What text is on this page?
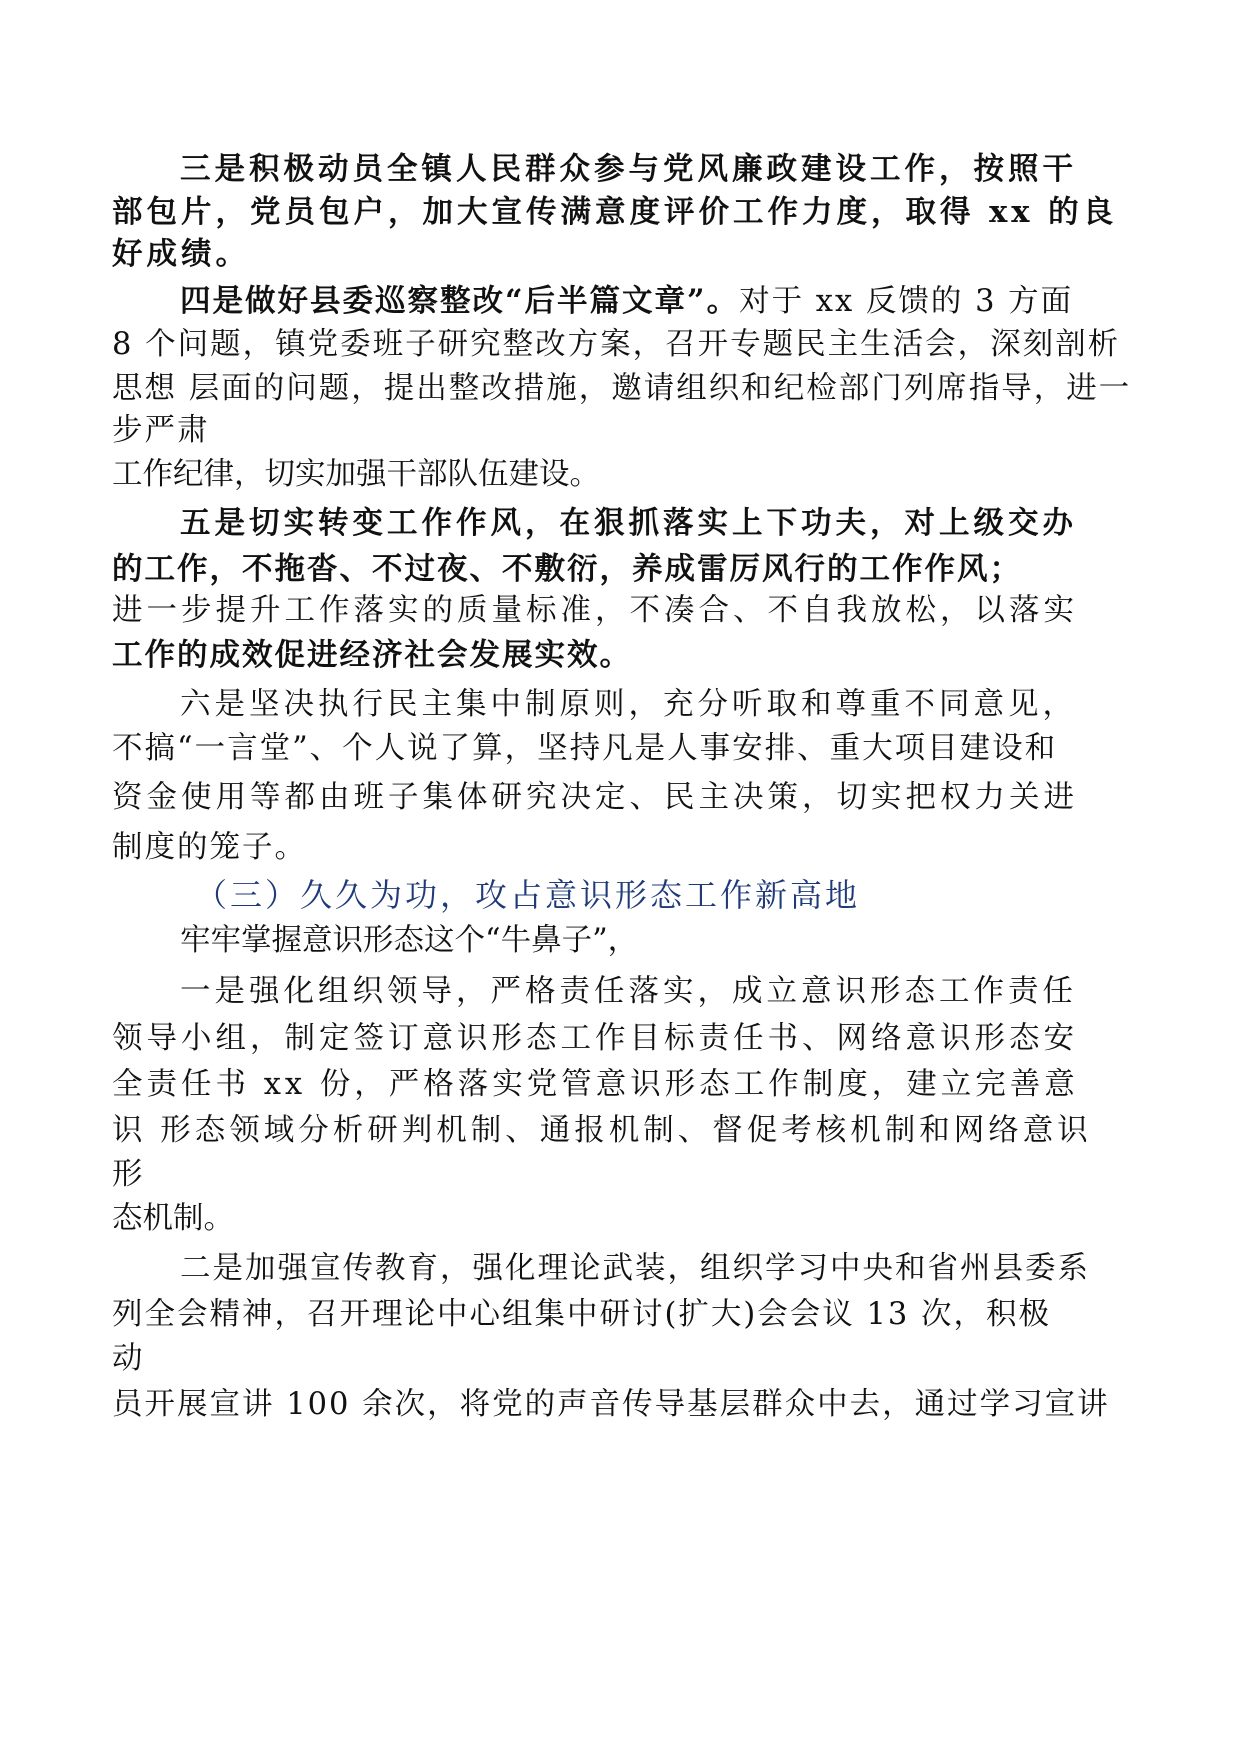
三是积极动员全镇人民群众参与党风廉政建设工作，按照干
部包片，党员包户，加大宣传满意度评价工作力度，取得 xx 的良
好成绩。
四是做好县委巡察整改“后半篇文章”。对于 xx 反馈的 3 方面
8 个问题，镇党委班子研究整改方案，召开专题民主生活会，深刻剖析
思想 层面的问题，提出整改措施，邀请组织和纪检部门列席指导，进一
步严肃
工作纪律，切实加强干部队伍建设。
五是切实转变工作作风，在狠抓落实上下功夫，对上级交办
的工作，不拖沓、不过夜、不敷衍，养成雷厉风行的工作作风；
进一步提升工作落实的质量标准，不凑合、不自我放松，以落实
工作的成效促进经济社会发展实效。
六是坚决执行民主集中制原则，充分听取和尊重不同意见，
不搞“一言堂”、个人说了算，坚持凡是人事安排、重大项目建设和
资金使用等都由班子集体研究决定、民主决策，切实把权力关进
制度的笼子。
（三）久久为功，攻占意识形态工作新高地
牢牢掌握意识形态这个“牛鼻子”，
一是强化组织领导，严格责任落实，成立意识形态工作责任
领导小组，制定签订意识形态工作目标责任书、网络意识形态安
全责任书 xx 份，严格落实党管意识形态工作制度，建立完善意
识 形态领域分析研判机制、通报机制、督促考核机制和网络意识
形
态机制。
二是加强宣传教育，强化理论武装，组织学习中央和省州县委系
列全会精神，召开理论中心组集中研讨(扩大)会会议 13 次，积极
动
员开展宣讲 100 余次，将党的声音传导基层群众中去，通过学习宣讲
